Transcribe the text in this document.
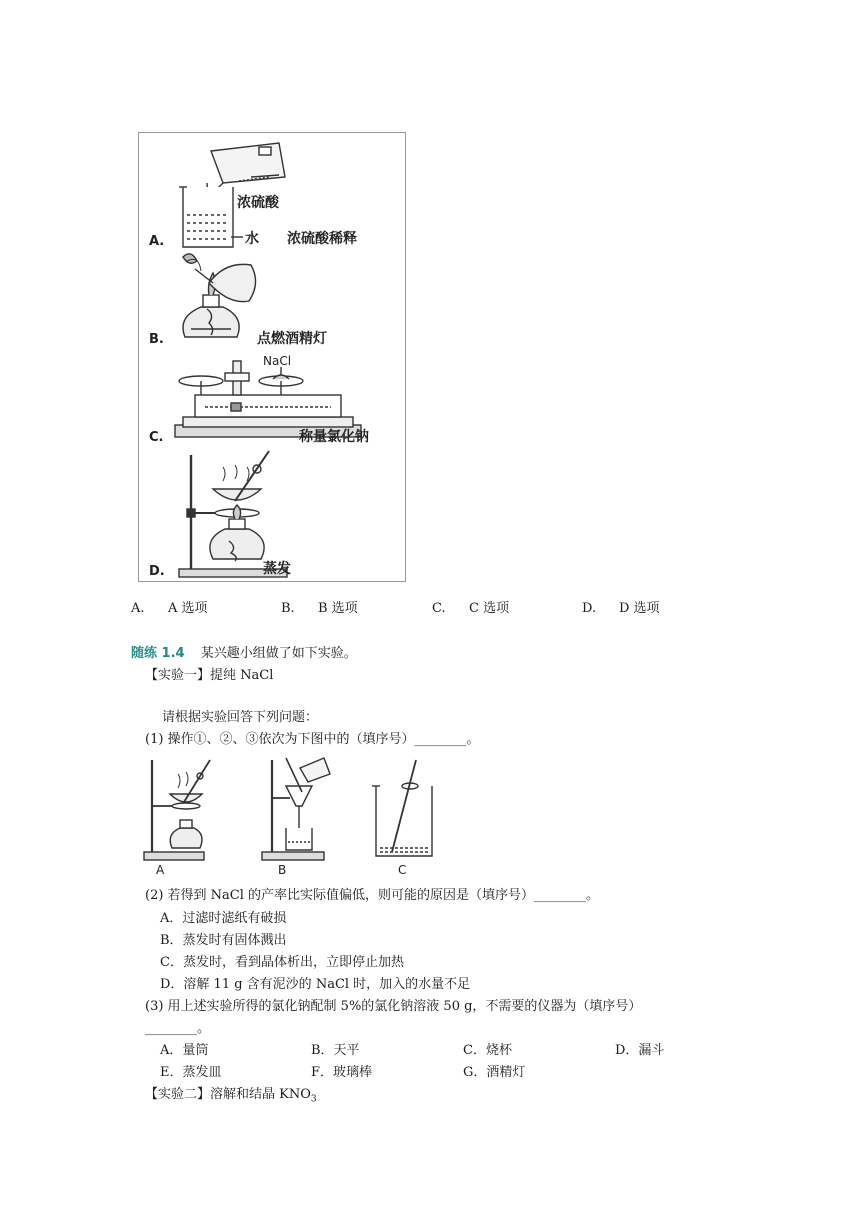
浓硫酸
水 浓硫酸稀释
A.
点燃酒精灯
B.
NaCl
称量氯化钠
C.
蒸发
D.
A. A 选项	B. B 选项	C. C 选项	D. D 选项
随练 1.4 某兴趣小组做了如下实验。
【实验一】提纯 NaCl
请根据实验回答下列问题：
(1) 操作①、②、③依次为下图中的（填序号）________。
A	B	C
(2) 若得到 NaCl 的产率比实际值偏低，则可能的原因是（填序号）________。
A．过滤时滤纸有破损
B．蒸发时有固体溅出
C．蒸发时，看到晶体析出，立即停止加热
D．溶解 11 g 含有泥沙的 NaCl 时，加入的水量不足
(3) 用上述实验所得的氯化钠配制 5%的氯化钠溶液 50 g，不需要的仪器为（填序号）
________。
A．量筒	B．天平	C．烧杯	D．漏斗
E．蒸发皿	F．玻璃棒	G．酒精灯
【实验二】溶解和结晶 $KNO_3$
